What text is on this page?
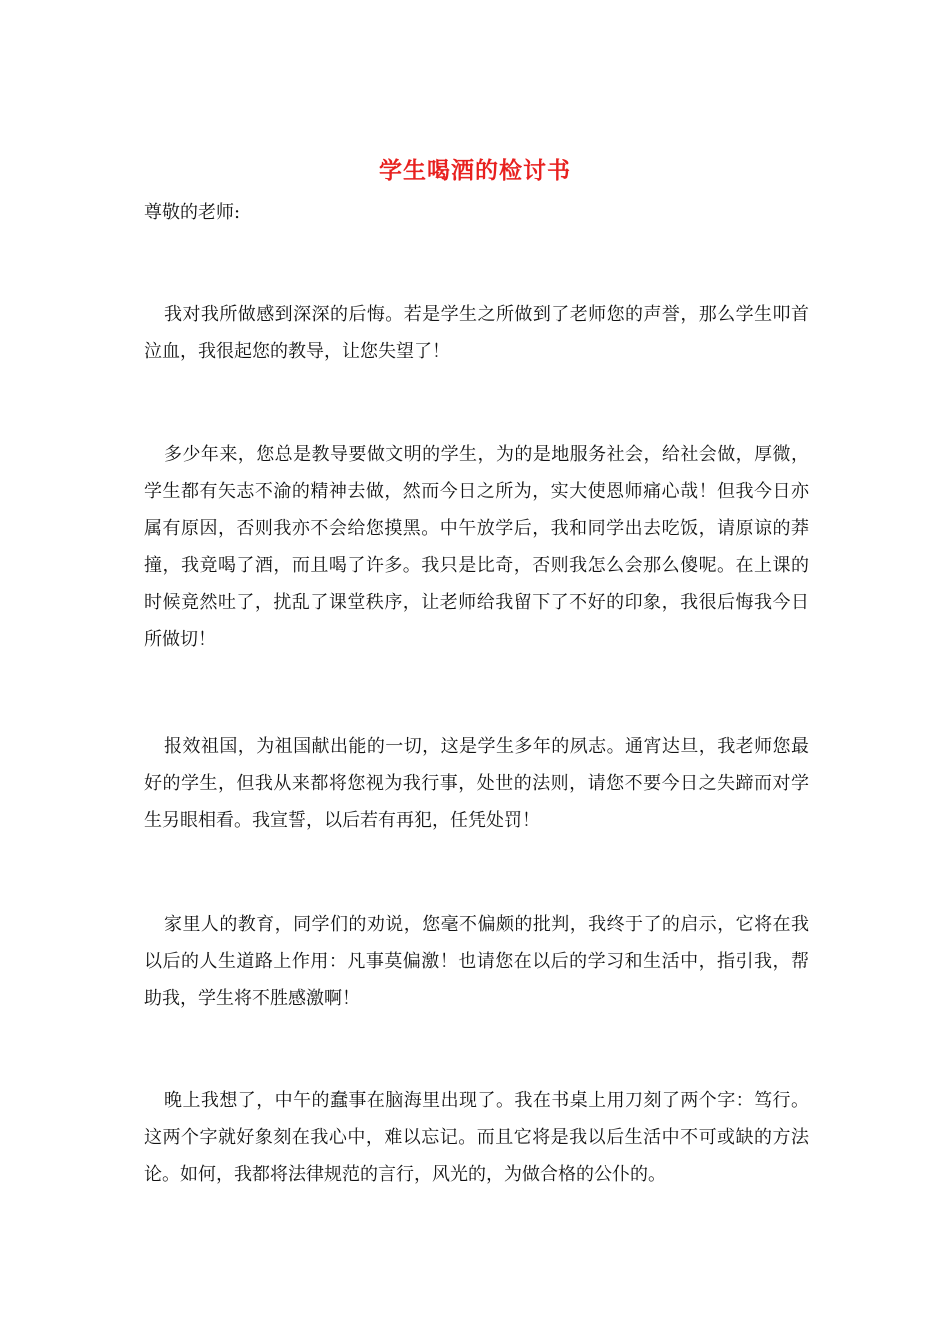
学生喝酒的检讨书
尊敬的老师:

我对我所做感到深深的后悔。若是学生之所做到了老师您的声誉，那么学生叩首泣血，我很起您的教导，让您失望了！

多少年来，您总是教导要做文明的学生，为的是地服务社会，给社会做，厚微，学生都有矢志不渝的精神去做，然而今日之所为，实大使恩师痛心哉！但我今日亦属有原因，否则我亦不会给您摸黑。中午放学后，我和同学出去吃饭，请原谅的莽撞，我竟喝了酒，而且喝了许多。我只是比奇，否则我怎么会那么傻呢。在上课的时候竟然吐了，扰乱了课堂秩序，让老师给我留下了不好的印象，我很后悔我今日所做切！

报效祖国，为祖国献出能的一切，这是学生多年的夙志。通宵达旦，我老师您最好的学生，但我从来都将您视为我行事，处世的法则，请您不要今日之失蹄而对学生另眼相看。我宣誓，以后若有再犯，任凭处罚！

家里人的教育，同学们的劝说，您毫不偏颇的批判，我终于了的启示，它将在我以后的人生道路上作用：凡事莫偏激！也请您在以后的学习和生活中，指引我，帮助我，学生将不胜感激啊！

晚上我想了，中午的蠢事在脑海里出现了。我在书桌上用刀刻了两个字：笃行。这两个字就好象刻在我心中，难以忘记。而且它将是我以后生活中不可或缺的方法论。如何，我都将法律规范的言行，风光的，为做合格的公仆的。
